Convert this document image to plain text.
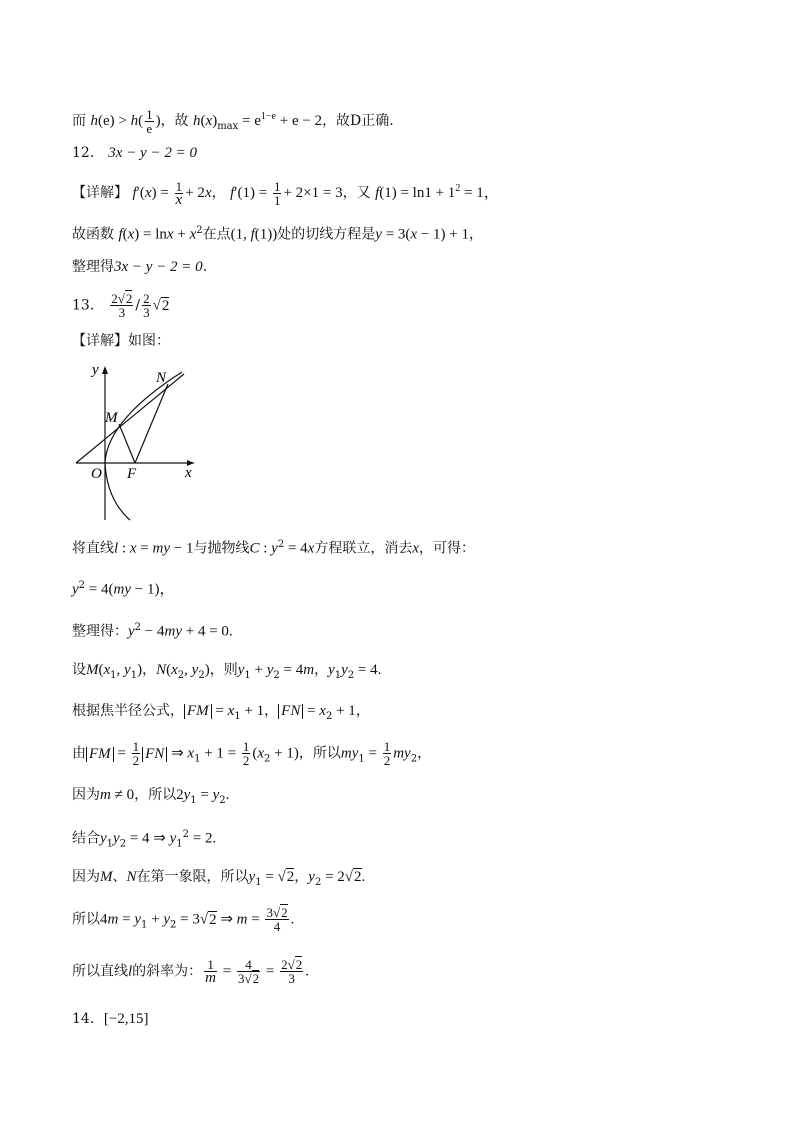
而 $h(e) > h( \frac{1}{e}$ )，故 $h(x)_{max} = e^{1-e} + e - 2$，故D正确.
12． 3x − y − 2 = 0
【详解】 $f'(x) = \frac{1}{x} + 2x$， $f'(1) = \frac{1}{1} + 2\times 1 = 3$，又 $f(1) = \ln 1 + 1^2 = 1$，
故函数 $f(x) = \ln x + x^2$在点(1, f(1))处的切线方程是y = 3(x − 1) + 1，
整理得3x − y − 2 = 0.
13． $\frac{2√2}{3} / \frac{2}{3} √2$
【详解】如图：
y
x
O F
M
N
将直线l : x = my − 1与抛物线C : $y^2 = 4x$方程联立，消去x，可得：
$y^2 = 4(my - 1)$，
整理得：$y^2 - 4my + 4 = 0$.
设$M(x_1$, $y_1$)，$N(x_2$, $y_2$)，则$y_1 + y_2 = 4m$，$y_1y_2 = 4$.
根据焦半径公式， FM = $x_1 + 1$， FN = $x_2 + 1$，
由 FM = $\frac{1}{2}$ FN ⇒ $x_1 + 1 = \frac{1}{2} (x_2 + 1)$，所以$my_1 = \frac{1}{2} my_2$，
因为m ≠ 0，所以$2y_1 = y_2$.
结合$y_1y_2 = 4$ ⇒ $y_1^2 = 2$.
因为M、N在第一象限，所以$y_1 = √2$，$y_2 = 2√2$.
所以$4m = y_1 + y_2 = 3√2$ ⇒ $m = \frac{3√2}{4}$ .
所以直线l的斜率为： $\frac{1}{m} = \frac{4}{3√2} = \frac{2√2}{3}$ .
14．[−2,15]
